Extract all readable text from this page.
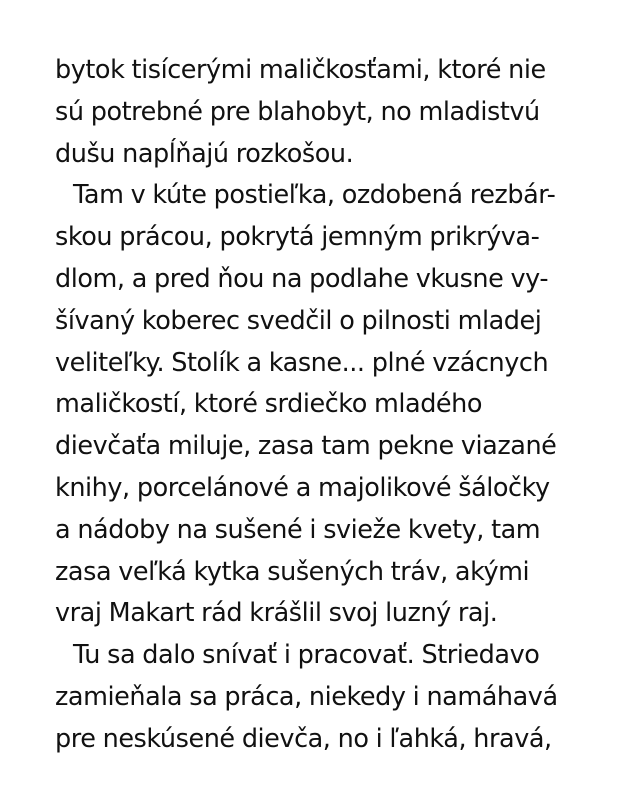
bytok tisícerými maličkosťami, ktoré nie
sú potrebné pre blahobyt, no mladistvú
dušu napĺňajú rozkošou.
Tam v kúte postieľka, ozdobená rezbár-
skou prácou, pokrytá jemným prikrýva-
dlom, a pred ňou na podlahe vkusne vy-
šívaný koberec svedčil o pilnosti mladej
veliteľky. Stolík a kasne... plné vzácnych
maličkostí, ktoré srdiečko mladého
dievčaťa miluje, zasa tam pekne viazané
knihy, porcelánové a majolikové šáločky
a nádoby na sušené i svieže kvety, tam
zasa veľká kytka sušených tráv, akými
vraj Makart rád krášlil svoj luzný raj.
Tu sa dalo snívať i pracovať. Striedavo
zamieňala sa práca, niekedy i namáhavá
pre neskúsené dievča, no i ľahká, hravá,
